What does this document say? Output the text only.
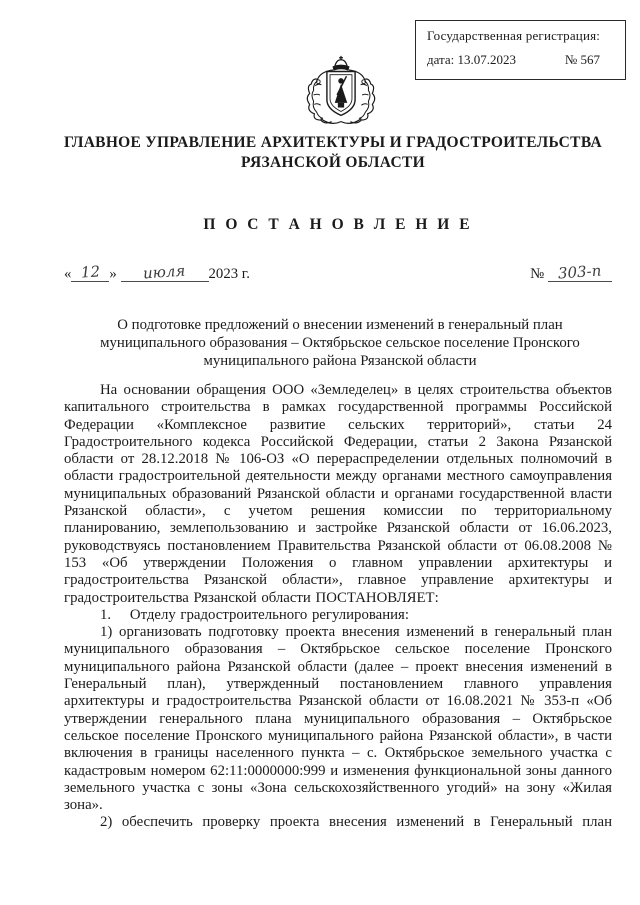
Государственная регистрация:
дата: 13.07.2023	№ 567
ГЛАВНОЕ УПРАВЛЕНИЕ АРХИТЕКТУРЫ И ГРАДОСТРОИТЕЛЬСТВА
РЯЗАНСКОЙ ОБЛАСТИ
П О С Т А Н О В Л Е Н И Е
« 12 » июля 2023 г.	№ 303-п
О подготовке предложений о внесении изменений в генеральный план муниципального образования – Октябрьское сельское поселение Пронского муниципального района Рязанской области

На основании обращения ООО «Земледелец» в целях строительства объектов капитального строительства в рамках государственной программы Российской Федерации «Комплексное развитие сельских территорий», статьи 24 Градостроительного кодекса Российской Федерации, статьи 2 Закона Рязанской области от 28.12.2018 № 106-ОЗ «О перераспределении отдельных полномочий в области градостроительной деятельности между органами местного самоуправления муниципальных образований Рязанской области и органами государственной власти Рязанской области», с учетом решения комиссии по территориальному планированию, землепользованию и застройке Рязанской области от 16.06.2023, руководствуясь постановлением Правительства Рязанской области от 06.08.2008 № 153 «Об утверждении Положения о главном управлении архитектуры и градостроительства Рязанской области», главное управление архитектуры и градостроительства Рязанской области ПОСТАНОВЛЯЕТ:

1.    Отделу градостроительного регулирования:

1) организовать подготовку проекта внесения изменений в генеральный план муниципального образования – Октябрьское сельское поселение Пронского муниципального района Рязанской области (далее – проект внесения изменений в Генеральный план), утвержденный постановлением главного управления архитектуры и градостроительства Рязанской области от 16.08.2021 № 353-п «Об утверждении генерального плана муниципального образования – Октябрьское сельское поселение Пронского муниципального района Рязанской области», в части включения в границы населенного пункта – с. Октябрьское земельного участка с кадастровым номером 62:11:0000000:999 и изменения функциональной зоны данного земельного участка с зоны «Зона сельскохозяйственного угодий» на зону «Жилая зона».

2) обеспечить проверку проекта внесения изменений в Генеральный план
